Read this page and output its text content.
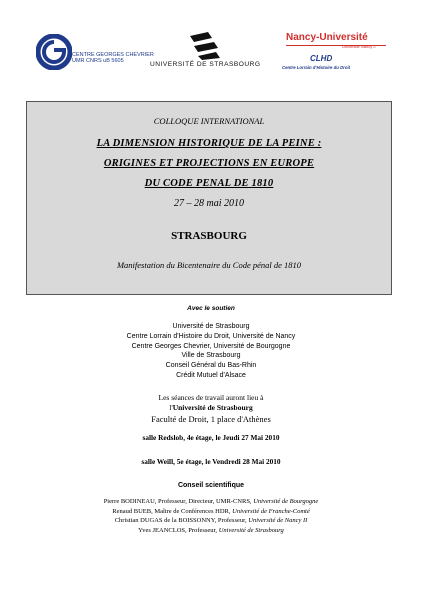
CENTRE GEORGES CHEVRIER
UMR CNRS uB 5605	UNIVERSITÉ DE STRASBOURG
Nancy-Université
Université Nancy 2
CLHD
Centre Lorrain d'Histoire du Droit
COLLOQUE INTERNATIONAL
LA DIMENSION HISTORIQUE DE LA PEINE :
ORIGINES ET PROJECTIONS EN EUROPE
DU CODE PENAL DE 1810
27 – 28 mai 2010
STRASBOURG
Manifestation du Bicentenaire du Code pénal de 1810
Avec le soutien
Université de Strasbourg
Centre Lorrain d'Histoire du Droit, Université de Nancy
Centre Georges Chevrier, Université de Bourgogne
Ville de Strasbourg
Conseil Général du Bas-Rhin
Crédit Mutuel d'Alsace
Les séances de travail auront lieu à
l'Université de Strasbourg
Faculté de Droit, 1 place d'Athènes
salle Redslob, 4e étage, le Jeudi 27 Mai 2010
salle Weill, 5e étage, le Vendredi 28 Mai 2010
Conseil scientifique
Pierre BODINEAU, Professeur, Directeur, UMR-CNRS, Université de Bourgogne
Renaud BUEB, Maître de Conférences HDR, Université de Franche-Comté
Christian DUGAS de la BOISSONNY, Professeur, Université de Nancy II
Yves JEANCLOS, Professeur, Université de Strasbourg
